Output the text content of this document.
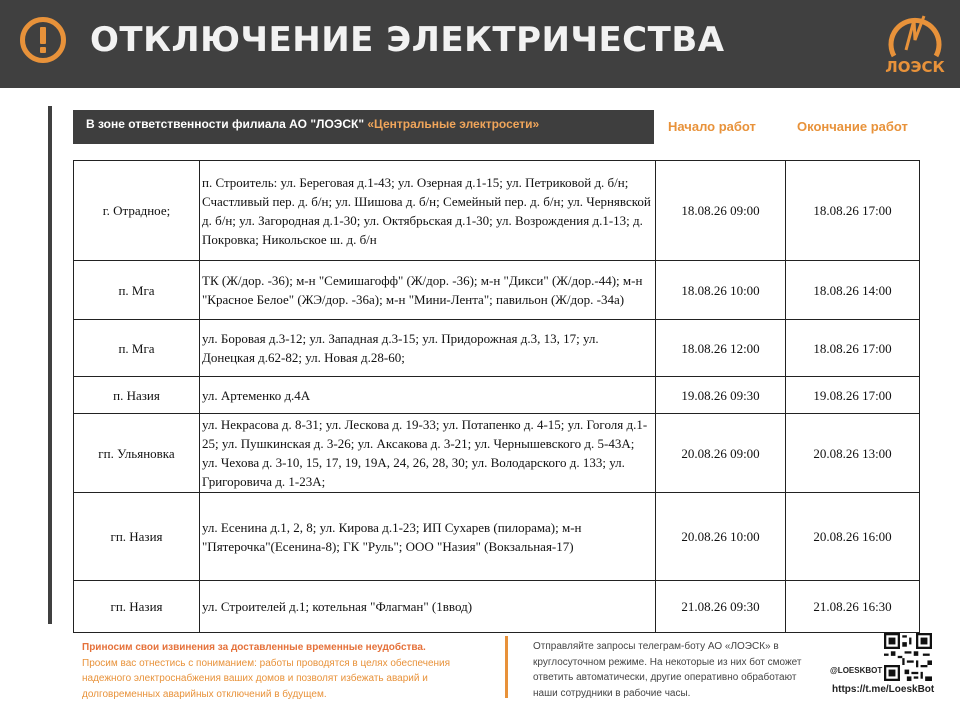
ОТКЛЮЧЕНИЕ ЭЛЕКТРИЧЕСТВА
ЛОЭСК
В зоне ответственности филиала АО "ЛОЭСК" «Центральные электросети»	Начало работ	Окончание работ
г. Отрадное;	п. Строитель: ул. Береговая д.1-43; ул. Озерная д.1-15; ул. Петриковой д. б/н; Счастливый пер. д. б/н; ул. Шишова д. б/н; Семейный пер. д. б/н; ул. Чернявской д. б/н; ул. Загородная д.1-30; ул. Октябрьская д.1-30; ул. Возрождения д.1-13; д. Покровка; Никольское ш. д. б/н	18.08.26 09:00	18.08.26 17:00
п. Мга	ТК (Ж/дор. -36); м-н "Семишагофф" (Ж/дор. -36); м-н "Дикси" (Ж/дор.-44); м-н "Красное Белое" (ЖЭ/дор. -36а); м-н "Мини-Лента"; павильон (Ж/дор. -34а)	18.08.26 10:00	18.08.26 14:00
п. Мга	ул. Боровая д.3-12; ул. Западная д.3-15; ул. Придорожная д.3, 13, 17; ул. Донецкая д.62-82; ул. Новая д.28-60;	18.08.26 12:00	18.08.26 17:00
п. Назия	ул. Артеменко д.4А	19.08.26 09:30	19.08.26 17:00
гп. Ульяновка	ул. Некрасова д. 8-31; ул. Лескова д. 19-33; ул. Потапенко д. 4-15; ул. Гоголя д.1-25; ул. Пушкинская д. 3-26; ул. Аксакова д. 3-21; ул. Чернышевского д. 5-43А; ул. Чехова д. 3-10, 15, 17, 19, 19А, 24, 26, 28, 30; ул. Володарского д. 133; ул. Григоровича д. 1-23А;	20.08.26 09:00	20.08.26 13:00
гп. Назия	ул. Есенина д.1, 2, 8; ул. Кирова д.1-23; ИП Сухарев (пилорама); м-н "Пятерочка"(Есенина-8); ГК "Руль"; ООО "Назия" (Вокзальная-17)	20.08.26 10:00	20.08.26 16:00
гп. Назия	ул. Строителей д.1; котельная "Флагман" (1ввод)	21.08.26 09:30	21.08.26 16:30
Приносим свои извинения за доставленные временные неудобства.
Просим вас отнестись с пониманием: работы проводятся в целях обеспечения надежного электроснабжения ваших домов и позволят избежать аварий и долговременных аварийных отключений в будущем.
Отправляйте запросы телеграм-боту АО «ЛОЭСК» в круглосуточном режиме. На некоторые из них бот сможет ответить автоматически, другие оперативно обработают наши сотрудники в рабочие часы.
@LOESKBOT
https://t.me/LoeskBot
